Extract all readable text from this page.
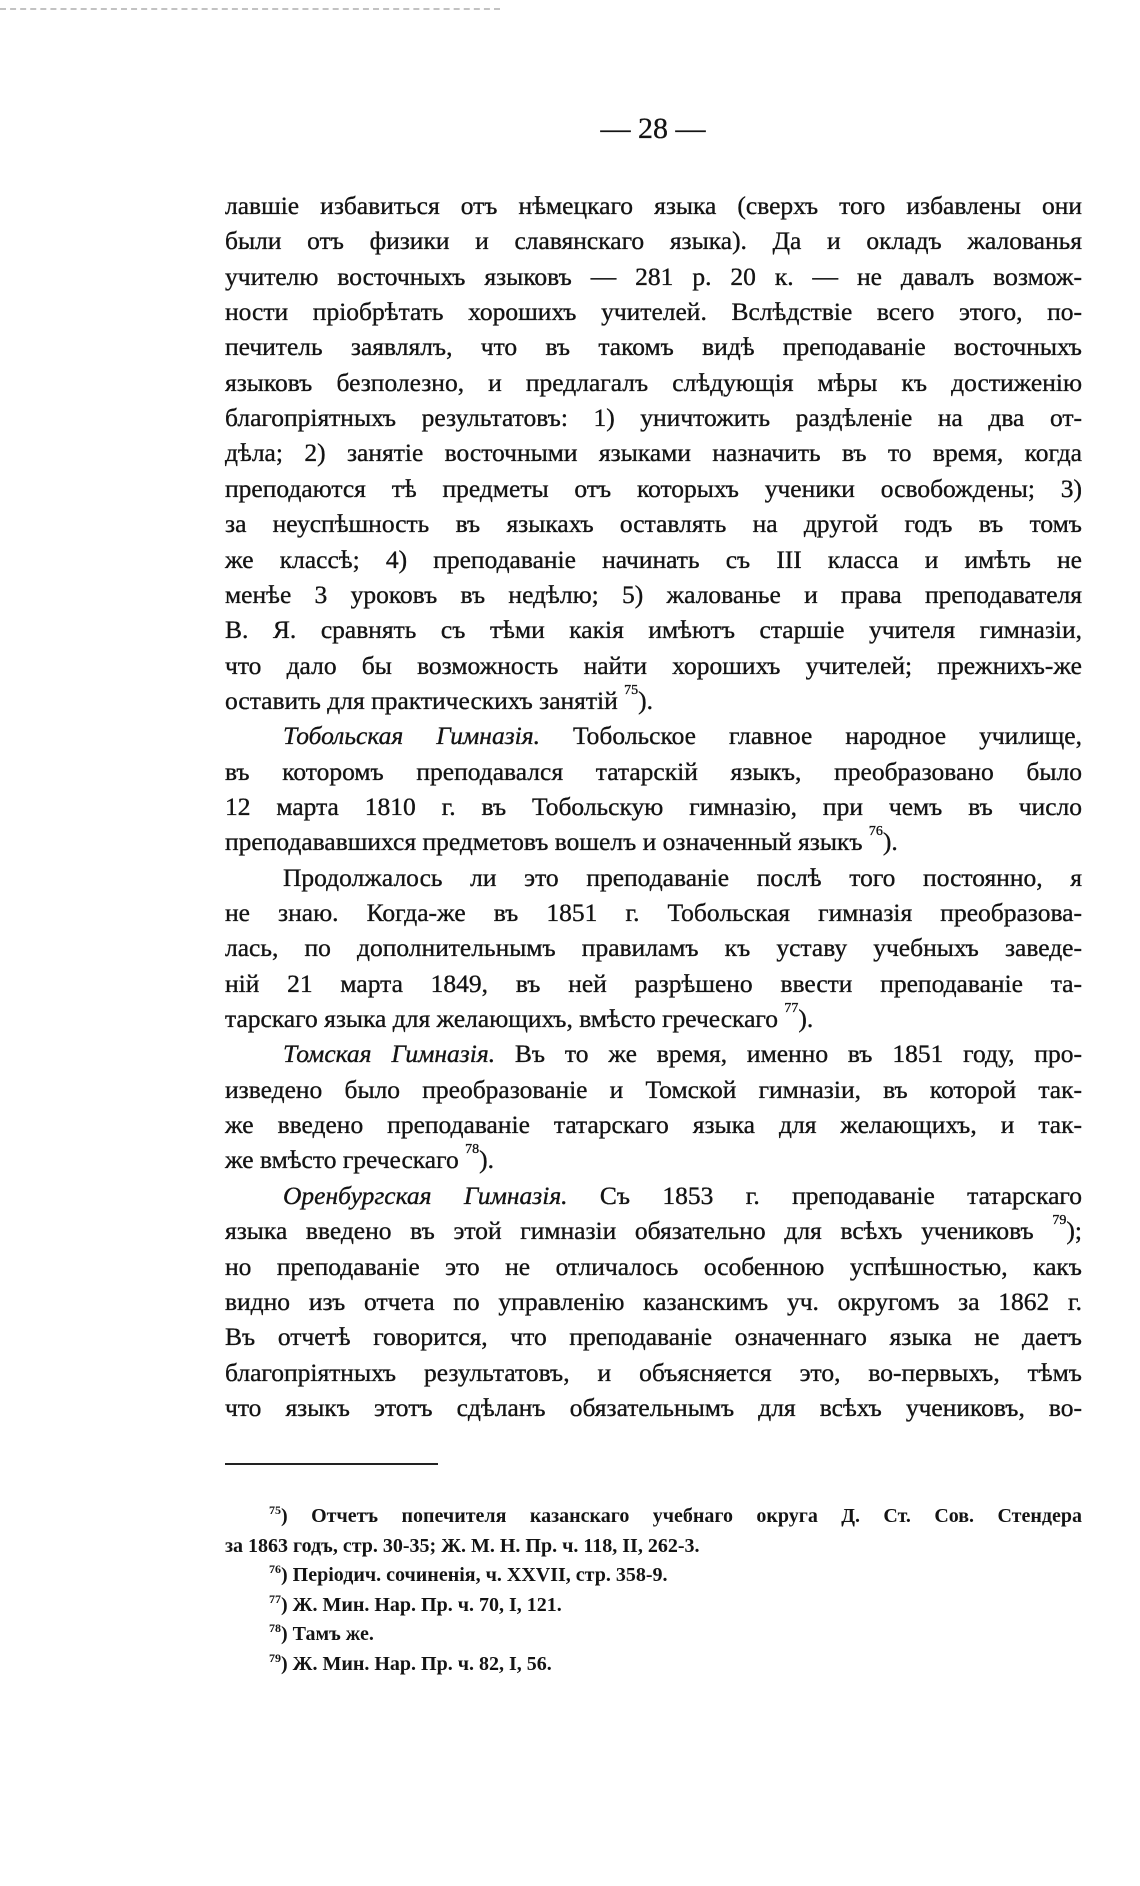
— 28 —
лавшіе избавиться отъ нѣмецкаго языка (сверхъ того избавлены они
были отъ физики и славянскаго языка). Да и окладъ жалованья
учителю восточныхъ языковъ — 281 р. 20 к. — не давалъ возмож-
ности пріобрѣтать хорошихъ учителей. Вслѣдствіе всего этого, по-
печитель заявлялъ, что въ такомъ видѣ преподаваніе восточныхъ
языковъ безполезно, и предлагалъ слѣдующія мѣры къ достиженію
благопріятныхъ результатовъ: 1) уничтожить раздѣленіе на два от-
дѣла; 2) занятіе восточными языками назначить въ то время, когда
преподаются тѣ предметы отъ которыхъ ученики освобождены; 3)
за неуспѣшность въ языкахъ оставлять на другой годъ въ томъ
же классѣ; 4) преподаваніе начинать съ III класса и имѣть не
менѣе 3 уроковъ въ недѣлю; 5) жалованье и права преподавателя
В. Я. сравнять съ тѣми какія имѣютъ старшіе учителя гимназіи,
что дало бы возможность найти хорошихъ учителей; прежнихъ-же
оставить для практическихъ занятій $^{75}$).
Тобольская Гимназія. Тобольское главное народное училище,
въ которомъ преподавался татарскій языкъ, преобразовано было
12 марта 1810 г. въ Тобольскую гимназію, при чемъ въ число
преподававшихся предметовъ вошелъ и означенный языкъ $^{76}$).
Продолжалось ли это преподаваніе послѣ того постоянно, я
не знаю. Когда-же въ 1851 г. Тобольская гимназія преобразова-
лась, по дополнительнымъ правиламъ къ уставу учебныхъ заведе-
ній 21 марта 1849, въ ней разрѣшено ввести преподаваніе та-
тарскаго языка для желающихъ, вмѣсто греческаго $^{77}$).
Томская Гимназія. Въ то же время, именно въ 1851 году, про-
изведено было преобразованіе и Томской гимназіи, въ которой так-
же введено преподаваніе татарскаго языка для желающихъ, и так-
же вмѣсто греческаго $^{78}$).
Оренбургская Гимназія. Съ 1853 г. преподаваніе татарскаго
языка введено въ этой гимназіи обязательно для всѣхъ учениковъ $^{79}$);
но преподаваніе это не отличалось особенною успѣшностью, какъ
видно изъ отчета по управленію казанскимъ уч. округомъ за 1862 г.
Въ отчетѣ говорится, что преподаваніе означеннаго языка не даетъ
благопріятныхъ результатовъ, и объясняется это, во-первыхъ, тѣмъ
что языкъ этотъ сдѣланъ обязательнымъ для всѣхъ учениковъ, во-
$^{75}$) Отчетъ попечителя казанскаго учебнаго округа Д. Ст. Сов. Стендера
за 1863 годъ, стр. 30-35; Ж. М. Н. Пр. ч. 118, II, 262-3.
$^{76}$) Періодич. сочиненія, ч. XXVII, стр. 358-9.
$^{77}$) Ж. Мин. Нар. Пр. ч. 70, I, 121.
$^{78}$) Тамъ же.
$^{79}$) Ж. Мин. Нар. Пр. ч. 82, I, 56.
